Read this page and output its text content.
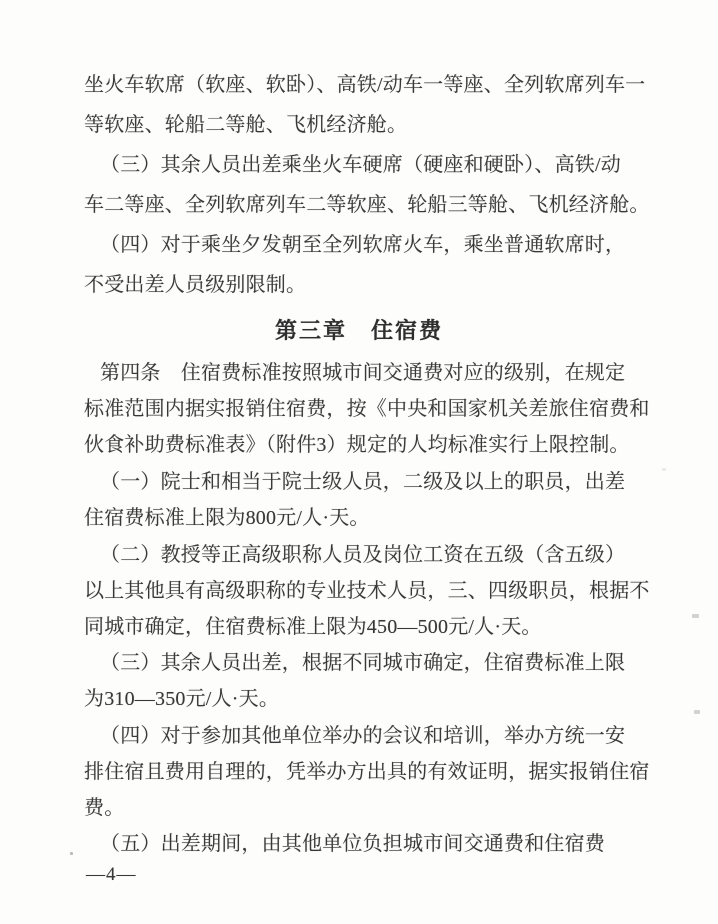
坐火车软席（软座、软卧）、高铁/动车一等座、全列软席列车一
等软座、轮船二等舱、飞机经济舱。
（三）其余人员出差乘坐火车硬席（硬座和硬卧）、高铁/动
车二等座、全列软席列车二等软座、轮船三等舱、飞机经济舱。
（四）对于乘坐夕发朝至全列软席火车，乘坐普通软席时，
不受出差人员级别限制。
第三章　住宿费
第四条　住宿费标准按照城市间交通费对应的级别，在规定
标准范围内据实报销住宿费，按《中央和国家机关差旅住宿费和
伙食补助费标准表》（附件3）规定的人均标准实行上限控制。
（一）院士和相当于院士级人员，二级及以上的职员，出差
住宿费标准上限为800元/人·天。
（二）教授等正高级职称人员及岗位工资在五级（含五级）
以上其他具有高级职称的专业技术人员，三、四级职员，根据不
同城市确定，住宿费标准上限为450—500元/人·天。
（三）其余人员出差，根据不同城市确定，住宿费标准上限
为310—350元/人·天。
（四）对于参加其他单位举办的会议和培训，举办方统一安
排住宿且费用自理的，凭举办方出具的有效证明，据实报销住宿
费。
（五）出差期间，由其他单位负担城市间交通费和住宿费
—4—
